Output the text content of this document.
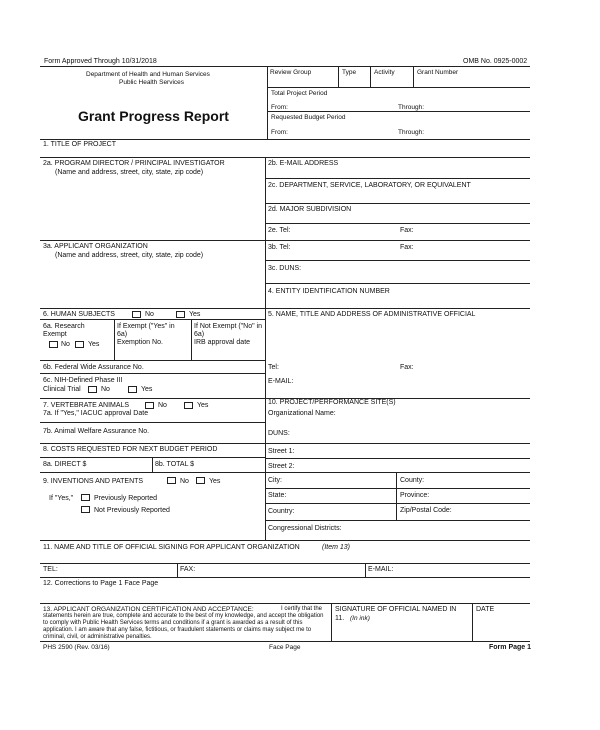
Form Approved Through 10/31/2018	OMB No. 0925-0002
Department of Health and Human Services
Public Health Services
Grant Progress Report
Review Group	Type	Activity	Grant Number
Total Project Period
From:	Through:
Requested Budget Period
From:	Through:
1. TITLE OF PROJECT
2a. PROGRAM DIRECTOR / PRINCIPAL INVESTIGATOR
(Name and address, street, city, state, zip code)
2b. E-MAIL ADDRESS
2c. DEPARTMENT, SERVICE, LABORATORY, OR EQUIVALENT
2d. MAJOR SUBDIVISION
2e. Tel:	Fax:
3a. APPLICANT ORGANIZATION
(Name and address, street, city, state, zip code)
3b. Tel:	Fax:
3c. DUNS:
4. ENTITY IDENTIFICATION NUMBER
6. HUMAN SUBJECTS	No	Yes	5. NAME, TITLE AND ADDRESS OF ADMINISTRATIVE OFFICIAL
6a. Research
Exempt
No	Yes
If Exempt ("Yes" in
6a)
Exemption No.
If Not Exempt ("No" in
6a)
IRB approval date
6b. Federal Wide Assurance No.	Tel:	Fax:
6c. NIH-Defined Phase III
Clinical Trial	No	Yes
E-MAIL:
7. VERTEBRATE ANIMALS	No	Yes	10. PROJECT/PERFORMANCE SITE(S)
7a. If "Yes," IACUC approval Date	Organizational Name:
7b. Animal Welfare Assurance No.	DUNS:
8. COSTS REQUESTED FOR NEXT BUDGET PERIOD	Street 1:
8a. DIRECT $	8b. TOTAL $	Street 2:
9. INVENTIONS AND PATENTS	No	Yes	City:	County:
If "Yes,"	Previously Reported	State:	Province:
Not Previously Reported	Country:	Zip/Postal Code:
Congressional Districts:
11. NAME AND TITLE OF OFFICIAL SIGNING FOR APPLICANT ORGANIZATION	(Item 13)
TEL:	FAX:	E-MAIL:
12. Corrections to Page 1 Face Page
13. APPLICANT ORGANIZATION CERTIFICATION AND ACCEPTANCE:	I certify that the statements herein are true, complete and accurate to the best of my knowledge, and accept the obligation to comply with Public Health Services terms and conditions if a grant is awarded as a result of this application. I am aware that any false, fictitious, or fraudulent statements or claims may subject me to criminal, civil, or administrative penalties.
SIGNATURE OF OFFICIAL NAMED IN
11. (In ink)
DATE
PHS 2590 (Rev. 03/16)	Face Page	Form Page 1
